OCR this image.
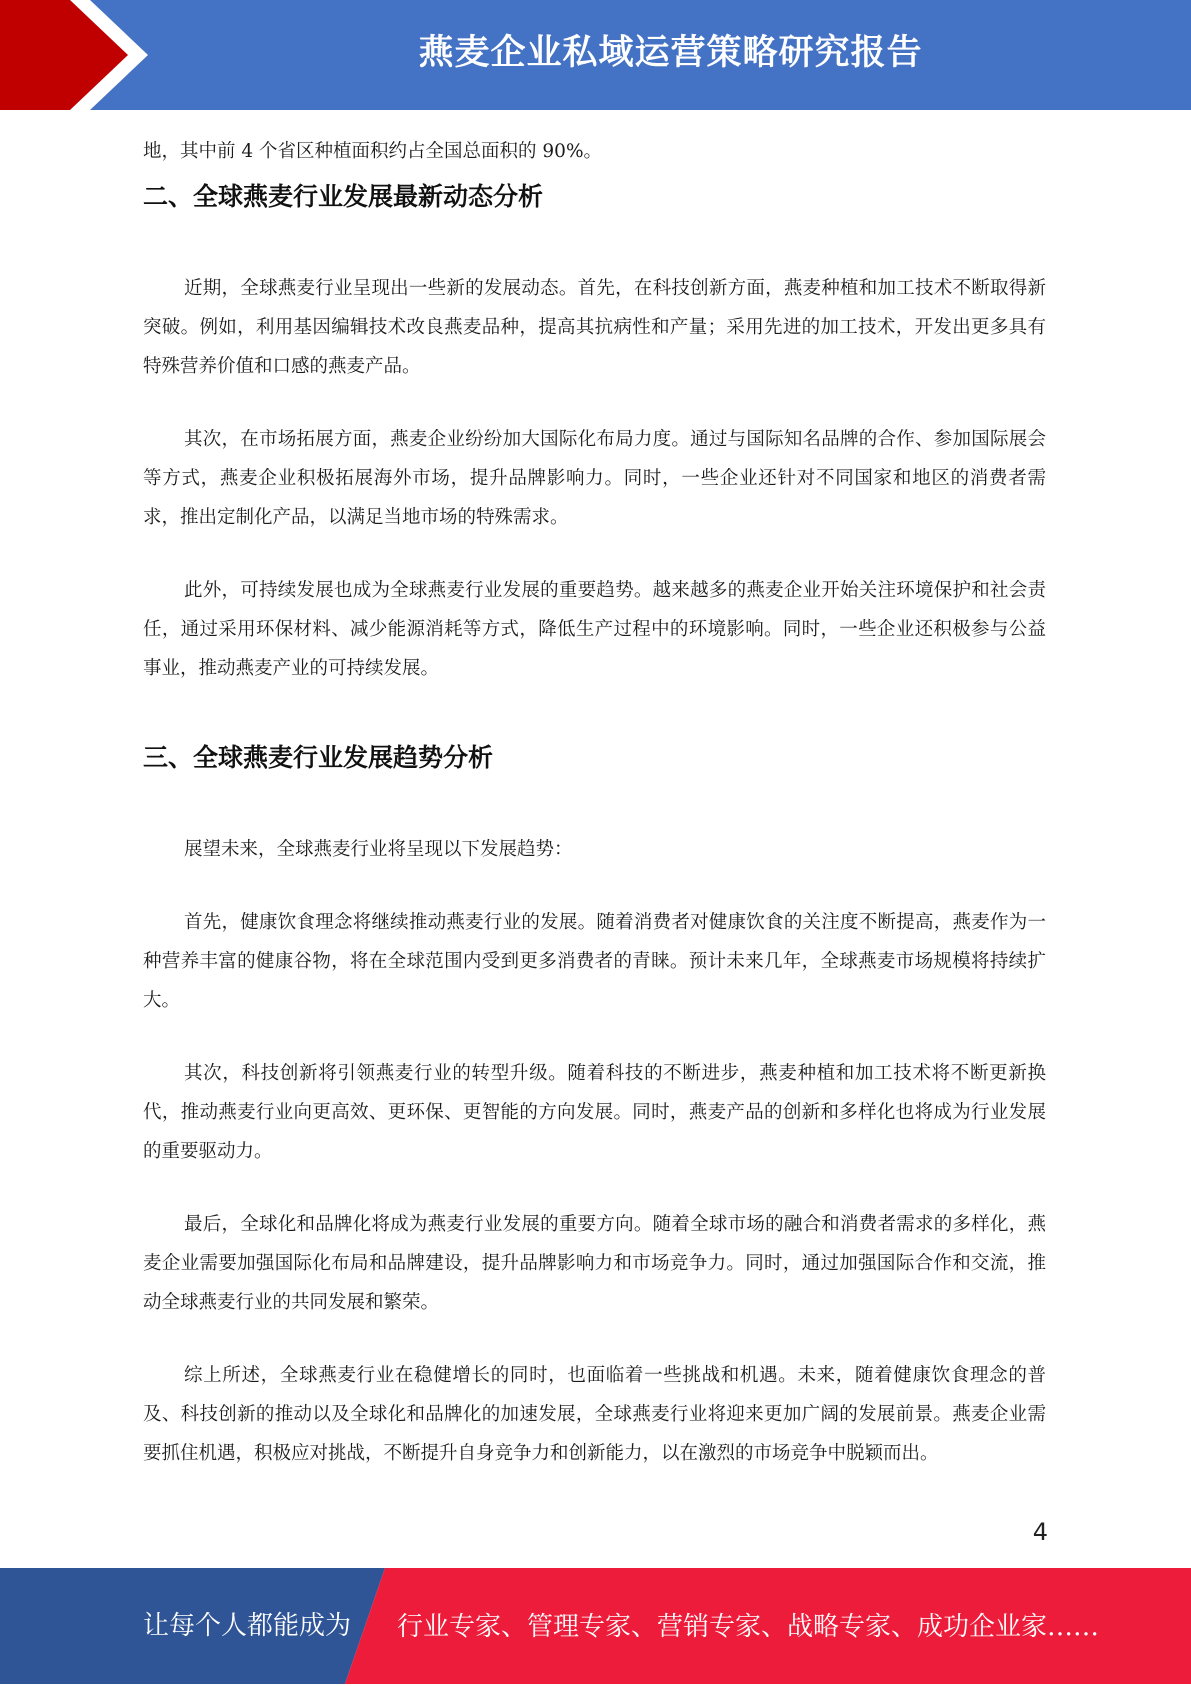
燕麦企业私域运营策略研究报告

地，其中前 4 个省区种植面积约占全国总面积的 90%。

二、全球燕麦行业发展最新动态分析

近期，全球燕麦行业呈现出一些新的发展动态。首先，在科技创新方面，燕麦种植和加工技术不断取得新突破。例如，利用基因编辑技术改良燕麦品种，提高其抗病性和产量；采用先进的加工技术，开发出更多具有特殊营养价值和口感的燕麦产品。

其次，在市场拓展方面，燕麦企业纷纷加大国际化布局力度。通过与国际知名品牌的合作、参加国际展会等方式，燕麦企业积极拓展海外市场，提升品牌影响力。同时，一些企业还针对不同国家和地区的消费者需求，推出定制化产品，以满足当地市场的特殊需求。

此外，可持续发展也成为全球燕麦行业发展的重要趋势。越来越多的燕麦企业开始关注环境保护和社会责任，通过采用环保材料、减少能源消耗等方式，降低生产过程中的环境影响。同时，一些企业还积极参与公益事业，推动燕麦产业的可持续发展。

三、全球燕麦行业发展趋势分析

展望未来，全球燕麦行业将呈现以下发展趋势：

首先，健康饮食理念将继续推动燕麦行业的发展。随着消费者对健康饮食的关注度不断提高，燕麦作为一种营养丰富的健康谷物，将在全球范围内受到更多消费者的青睐。预计未来几年，全球燕麦市场规模将持续扩大。

其次，科技创新将引领燕麦行业的转型升级。随着科技的不断进步，燕麦种植和加工技术将不断更新换代，推动燕麦行业向更高效、更环保、更智能的方向发展。同时，燕麦产品的创新和多样化也将成为行业发展的重要驱动力。

最后，全球化和品牌化将成为燕麦行业发展的重要方向。随着全球市场的融合和消费者需求的多样化，燕麦企业需要加强国际化布局和品牌建设，提升品牌影响力和市场竞争力。同时，通过加强国际合作和交流，推动全球燕麦行业的共同发展和繁荣。

综上所述，全球燕麦行业在稳健增长的同时，也面临着一些挑战和机遇。未来，随着健康饮食理念的普及、科技创新的推动以及全球化和品牌化的加速发展，全球燕麦行业将迎来更加广阔的发展前景。燕麦企业需要抓住机遇，积极应对挑战，不断提升自身竞争力和创新能力，以在激烈的市场竞争中脱颖而出。

4
让每个人都能成为 行业专家、管理专家、营销专家、战略专家、成功企业家……
